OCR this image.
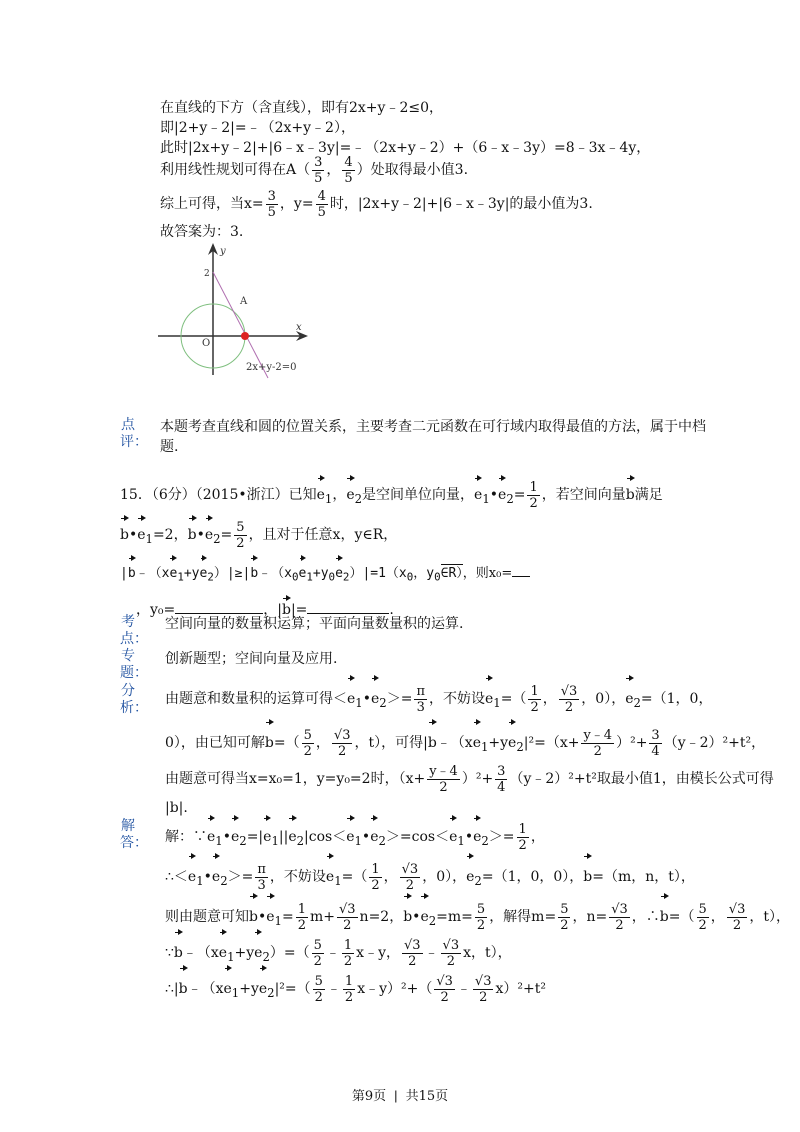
在直线的下方（含直线），即有2x+y﹣2≤0，
即|2+y﹣2|=﹣（2x+y﹣2），
此时|2x+y﹣2|+|6﹣x﹣3y|=﹣（2x+y﹣2）+（6﹣x﹣3y）=8﹣3x﹣4y，
利用线性规划可得在$A( \frac{3}{5}$ ， $\frac{4}{5}$ ）处取得最小值3.
综上可得，当$x= \frac{3}{5}$ ，$y= \frac{4}{5}$ 时，|2x+y﹣2|+|6﹣x﹣3y|的最小值为3.
故答案为：3.
y
x
2
O
A
2x+y-2=0
点评：
本题考查直线和圆的位置关系，主要考查二元函数在可行域内取得最值的方法，属于中档
题.
15．（6分）（2015•浙江）已知$e_1$，$e_2$是空间单位向量，$e_1•e_2= \frac{1}{2}$ ，若空间向量b满足
$b•e_1=2$，$b•e_2= \frac{5}{2}$ ，且对于任意x，y∈R，
$|b﹣(xe_1+ye_2)|\ge|b﹣(x_0e_1+y_0e_2)|=1(x_0$，$y_0\in R$），则x₀=
，y₀=	，|b|=	.
考点：
空间向量的数量积运算；平面向量数量积的运算.
专题：
创新题型；空间向量及应用.
分析：
由题意和数量积的运算可得$<e_1•e_2>= \frac{\pi}{3}$ ，不妨设$e_1=( \frac{1}{2}$ ， $\frac{√3}{2}$ ，0），$e_2=(1$，0，
0），由已知可解$b=( \frac{5}{2}$ ， $\frac{√3}{2}$ ，t），可得$|b﹣(xe_1+ye_2|^2=(x+ \frac{y﹣4}{2} )^2+ \frac{3}{4}$ （y﹣2）²+t²，
由题意可得当x=x₀=1，y=y₀=2时，$(x+ \frac{y﹣4}{2} )^2+ \frac{3}{4}$ （y﹣2）²+t²取最小值1，由模长公式可得
|b|.
解答： 解：$\because e_1•e_2=|e_1||e_2|\cos<e_1•e_2>=\cos<e_1•e_2>= \frac{1}{2}$ ，
$\therefore<e_1•e_2>= \frac{\pi}{3}$ ，不妨设$e_1=( \frac{1}{2}$ ， $\frac{√3}{2}$ ，0），$e_2=(1$，0，0），b=（m，n，t），
则由题意可知$b•e_1= \frac{1}{2} m+ \frac{√3}{2} n=2$，$b•e_2=m= \frac{5}{2}$ ，解得$m= \frac{5}{2}$ ，$n= \frac{√3}{2}$ ，∴b=（ $\frac{5}{2}$ ， $\frac{√3}{2}$ ，t），
$\because b﹣(xe_1+ye_2)=( \frac{5}{2}$ ﹣ $\frac{1}{2}$ x﹣y， $\frac{√3}{2}$ ﹣ $\frac{√3}{2}$ x，t），
$\therefore|b﹣(xe_1+ye_2|^2=( \frac{5}{2}$ ﹣ $\frac{1}{2}$ x﹣y）²+（ $\frac{√3}{2}$ ﹣ $\frac{√3}{2} x)^2+t^2$
第9页 | 共15页
